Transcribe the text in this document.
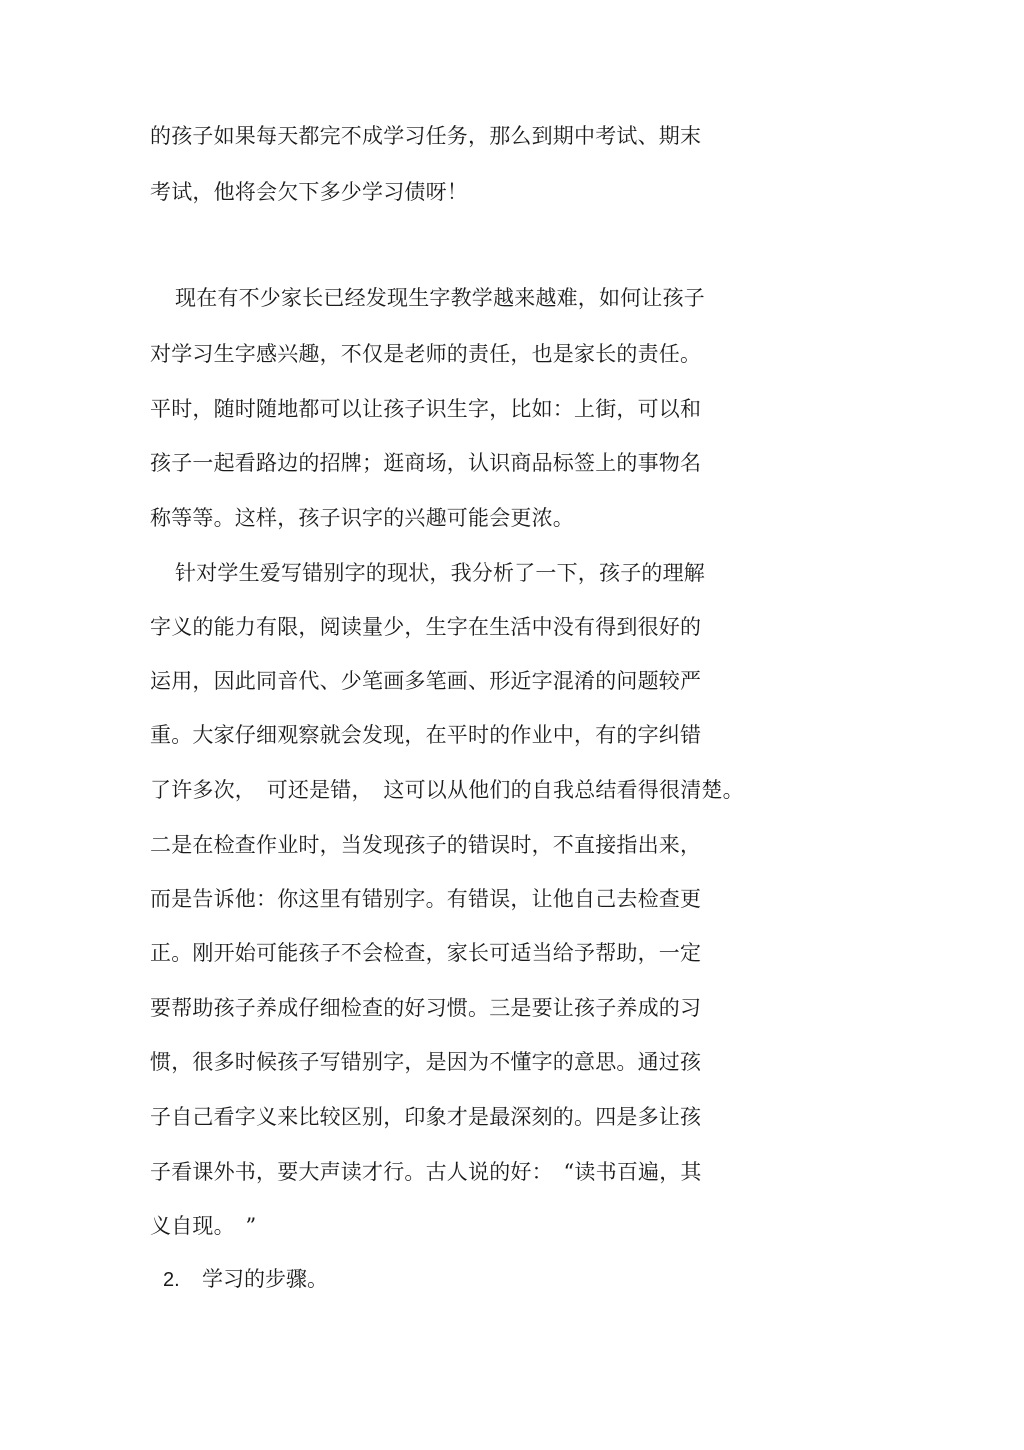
的孩子如果每天都完不成学习任务，那么到期中考试、期末
考试，他将会欠下多少学习债呀！
现在有不少家长已经发现生字教学越来越难，如何让孩子
对学习生字感兴趣，不仅是老师的责任，也是家长的责任。
平时，随时随地都可以让孩子识生字，比如：上街，可以和
孩子一起看路边的招牌；逛商场，认识商品标签上的事物名
称等等。这样，孩子识字的兴趣可能会更浓。
针对学生爱写错别字的现状，我分析了一下，孩子的理解
字义的能力有限，阅读量少，生字在生活中没有得到很好的
运用，因此同音代、少笔画多笔画、形近字混淆的问题较严
重。大家仔细观察就会发现，在平时的作业中，有的字纠错
了许多次，　可还是错，　这可以从他们的自我总结看得很清楚。
二是在检查作业时，当发现孩子的错误时，不直接指出来，
而是告诉他：你这里有错别字。有错误，让他自己去检查更
正。刚开始可能孩子不会检查，家长可适当给予帮助，一定
要帮助孩子养成仔细检查的好习惯。三是要让孩子养成的习
惯，很多时候孩子写错别字，是因为不懂字的意思。通过孩
子自己看字义来比较区别，印象才是最深刻的。四是多让孩
子看课外书，要大声读才行。古人说的好：　“读书百遍，其
义自现。　”
2. 学习的步骤。
